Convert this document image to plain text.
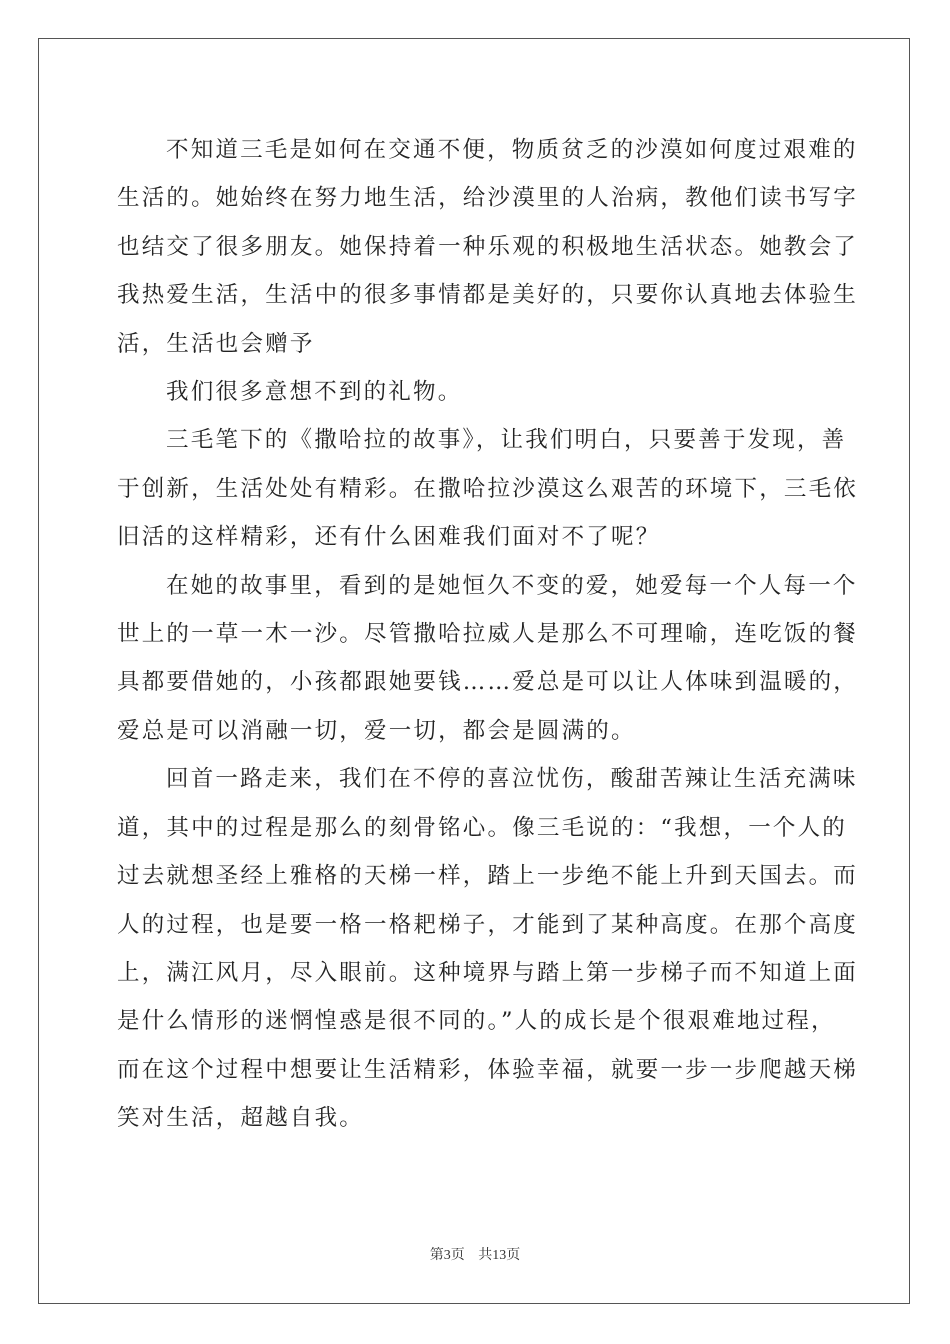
不知道三毛是如何在交通不便，物质贫乏的沙漠如何度过艰难的
生活的。她始终在努力地生活，给沙漠里的人治病，教他们读书写字
也结交了很多朋友。她保持着一种乐观的积极地生活状态。她教会了
我热爱生活，生活中的很多事情都是美好的，只要你认真地去体验生
活，生活也会赠予

我们很多意想不到的礼物。

三毛笔下的《撒哈拉的故事》，让我们明白，只要善于发现，善
于创新，生活处处有精彩。在撒哈拉沙漠这么艰苦的环境下，三毛依
旧活的这样精彩，还有什么困难我们面对不了呢？

在她的故事里，看到的是她恒久不变的爱，她爱每一个人每一个
世上的一草一木一沙。尽管撒哈拉威人是那么不可理喻，连吃饭的餐
具都要借她的，小孩都跟她要钱……爱总是可以让人体味到温暖的，
爱总是可以消融一切，爱一切，都会是圆满的。

回首一路走来，我们在不停的喜泣忧伤，酸甜苦辣让生活充满味
道，其中的过程是那么的刻骨铭心。像三毛说的：“我想，一个人的
过去就想圣经上雅格的天梯一样，踏上一步绝不能上升到天国去。而
人的过程，也是要一格一格耙梯子，才能到了某种高度。在那个高度
上，满江风月，尽入眼前。这种境界与踏上第一步梯子而不知道上面
是什么情形的迷惘惶惑是很不同的。”人的成长是个很艰难地过程，
而在这个过程中想要让生活精彩，体验幸福，就要一步一步爬越天梯
笑对生活，超越自我。

第3页 共13页
